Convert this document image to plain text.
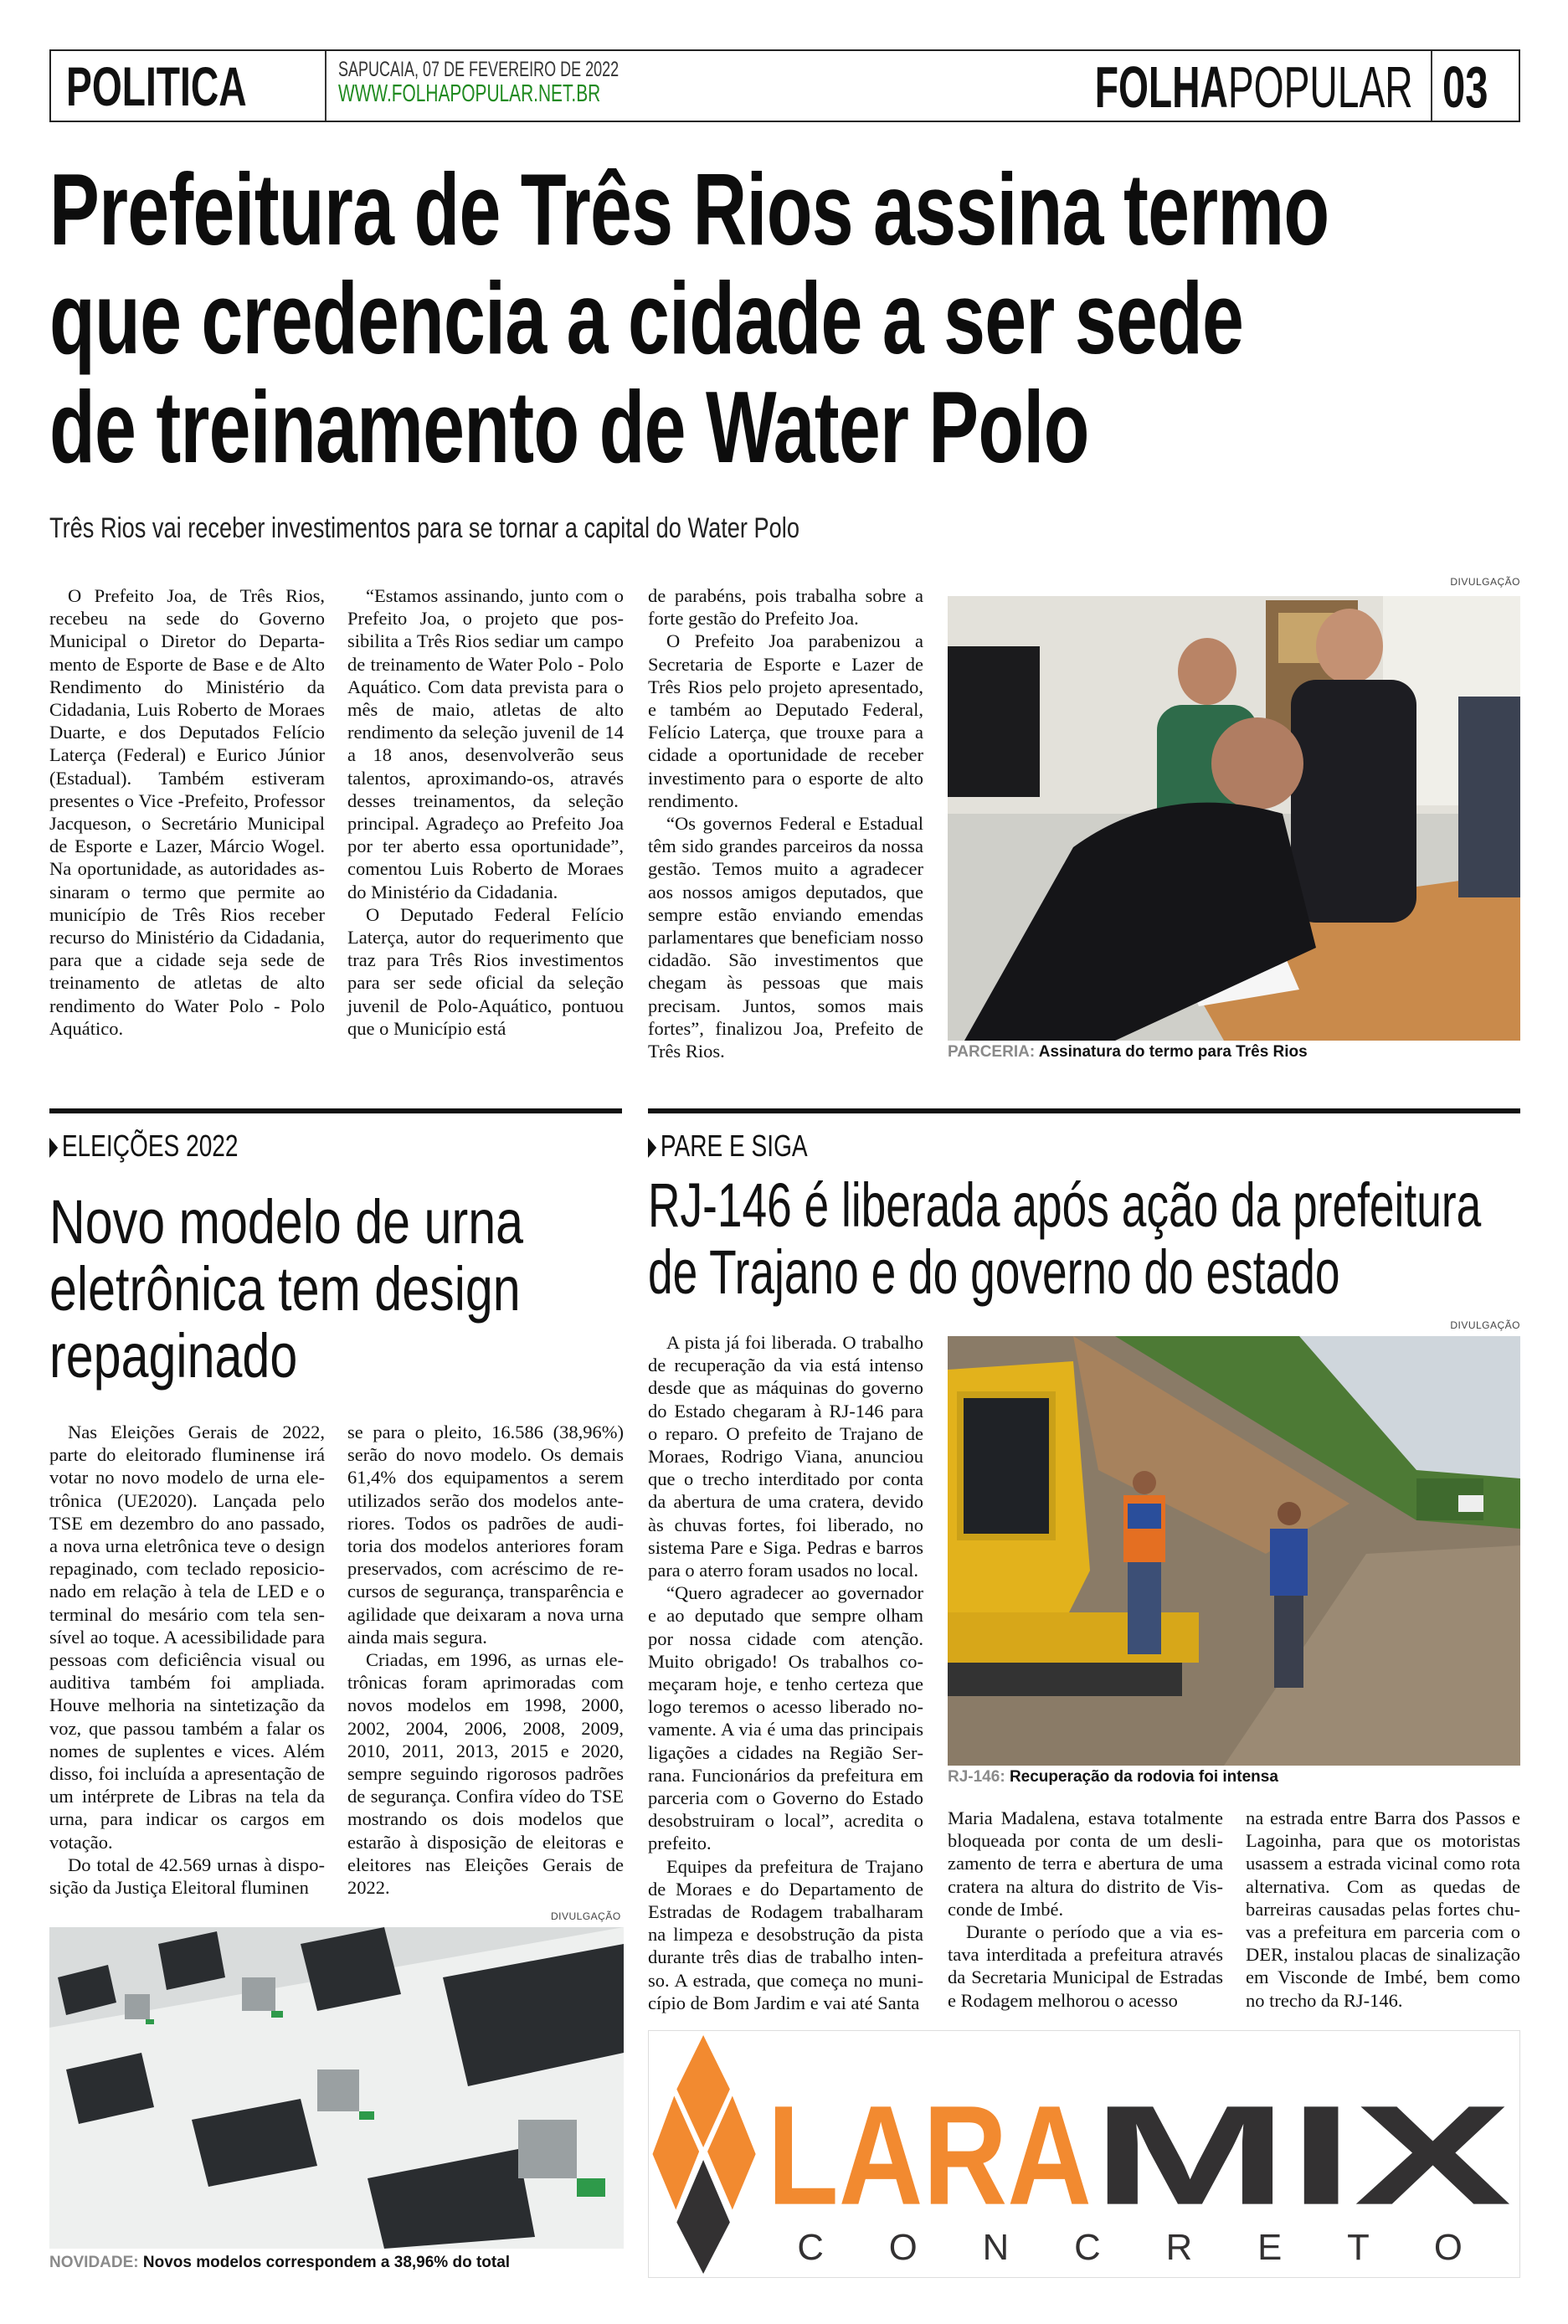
POLITICA	SAPUCAIA, 07 DE FEVEREIRO DE 2022
WWW.FOLHAPOPULAR.NET.BR	FOLHAPOPULAR 03
Prefeitura de Três Rios assina termo
que credencia a cidade a ser sede
de treinamento de Water Polo
Três Rios vai receber investimentos para se tornar a capital do Water Polo

O Prefeito Joa, de Três Rios, recebeu na sede do Governo Municipal o Diretor do Departamento de Esporte de Base e de Alto Rendimento do Ministério da Cidadania, Luis Roberto de Moraes Duarte, e dos Deputados Felício Laterça (Federal) e Eurico Júnior (Estadual). Também estiveram presentes o Vice -Prefeito, Professor Jacqueson, o Secretário Municipal de Esporte e Lazer, Márcio Wogel. Na oportunidade, as autoridades assinaram o termo que permite ao município de Três Rios receber recurso do Ministério da Cidadania, para que a cidade seja sede de treinamento de atletas de alto rendimento do Water Polo - Polo Aquático.

“Estamos assinando, junto com o Prefeito Joa, o projeto que possibilita a Três Rios sediar um campo de treinamento de Water Polo - Polo Aquático. Com data prevista para o mês de maio, atletas de alto rendimento da seleção juvenil de 14 a 18 anos, desenvolverão seus talentos, aproximando-os, através desses treinamentos, da seleção principal. Agradeço ao Prefeito Joa por ter aberto essa oportunidade”, comentou Luis Roberto de Moraes do Ministério da Cidadania.

O Deputado Federal Felício Laterça, autor do requerimento que traz para Três Rios investimentos para ser sede oficial da seleção juvenil de Polo-Aquático, pontuou que o Município está

de parabéns, pois trabalha sobre a forte gestão do Prefeito Joa.

O Prefeito Joa parabenizou a Secretaria de Esporte e Lazer de Três Rios pelo projeto apresentado, e também ao Deputado Federal, Felício Laterça, que trouxe para a cidade a oportunidade de receber investimento para o esporte de alto rendimento.

“Os governos Federal e Estadual têm sido grandes parceiros da nossa gestão. Temos muito a agradecer aos nossos amigos deputados, que sempre estão enviando emendas parlamentares que beneficiam nosso cidadão. São investimentos que chegam às pessoas que mais precisam. Juntos, somos mais fortes”, finalizou Joa, Prefeito de Três Rios.

DIVULGAÇÃO
PARCERIA: Assinatura do termo para Três Rios
ELEIÇÕES 2022
Novo modelo de urna
eletrônica tem design
repaginado

Nas Eleições Gerais de 2022, parte do eleitorado fluminense irá votar no novo modelo de urna eletrônica (UE2020). Lançada pelo TSE em dezembro do ano passado, a nova urna eletrônica teve o design repaginado, com teclado reposicionado em relação à tela de LED e o terminal do mesário com tela sensível ao toque. A acessibilidade para pessoas com deficiência visual ou auditiva também foi ampliada. Houve melhoria na sintetização da voz, que passou também a falar os nomes de suplentes e vices. Além disso, foi incluída a apresentação de um intérprete de Libras na tela da urna, para indicar os cargos em votação.

Do total de 42.569 urnas à disposição da Justiça Eleitoral fluminen

se para o pleito, 16.586 (38,96%) serão do novo modelo. Os demais 61,4% dos equipamentos a serem utilizados serão dos modelos anteriores. Todos os padrões de auditoria dos modelos anteriores foram preservados, com acréscimo de recursos de segurança, transparência e agilidade que deixaram a nova urna ainda mais segura.

Criadas, em 1996, as urnas eletrônicas foram aprimoradas com novos modelos em 1998, 2000, 2002, 2004, 2006, 2008, 2009, 2010, 2011, 2013, 2015 e 2020, sempre seguindo rigorosos padrões de segurança. Confira vídeo do TSE mostrando os dois modelos que estarão à disposição de eleitoras e eleitores nas Eleições Gerais de 2022.

DIVULGAÇÃO
NOVIDADE: Novos modelos correspondem a 38,96% do total
PARE E SIGA
RJ-146 é liberada após ação da prefeitura
de Trajano e do governo do estado

A pista já foi liberada. O trabalho de recuperação da via está intenso desde que as máquinas do governo do Estado chegaram à RJ-146 para o reparo. O prefeito de Trajano de Moraes, Rodrigo Viana, anunciou que o trecho interditado por conta da abertura de uma cratera, devido às chuvas fortes, foi liberado, no sistema Pare e Siga. Pedras e barros para o aterro foram usados no local.

“Quero agradecer ao governador e ao deputado que sempre olham por nossa cidade com atenção. Muito obrigado! Os trabalhos começaram hoje, e tenho certeza que logo teremos o acesso liberado novamente. A via é uma das principais ligações a cidades na Região Serrana. Funcionários da prefeitura em parceria com o Governo do Estado desobstruiram o local”, acredita o prefeito.

Equipes da prefeitura de Trajano de Moraes e do Departamento de Estradas de Rodagem trabalharam na limpeza e desobstrução da pista durante três dias de trabalho intenso. A estrada, que começa no município de Bom Jardim e vai até Santa

DIVULGAÇÃO
RJ-146: Recuperação da rodovia foi intensa

Maria Madalena, estava totalmente bloqueada por conta de um deslizamento de terra e abertura de uma cratera na altura do distrito de Visconde de Imbé.

Durante o período que a via estava interditada a prefeitura através da Secretaria Municipal de Estradas e Rodagem melhorou o acesso

na estrada entre Barra dos Passos e Lagoinha, para que os motoristas usassem a estrada vicinal como rota alternativa. Com as quedas de barreiras causadas pelas fortes chuvas a prefeitura em parceria com o DER, instalou placas de sinalização em Visconde de Imbé, bem como no trecho da RJ-146.

LARA MIX
CONCRETO
